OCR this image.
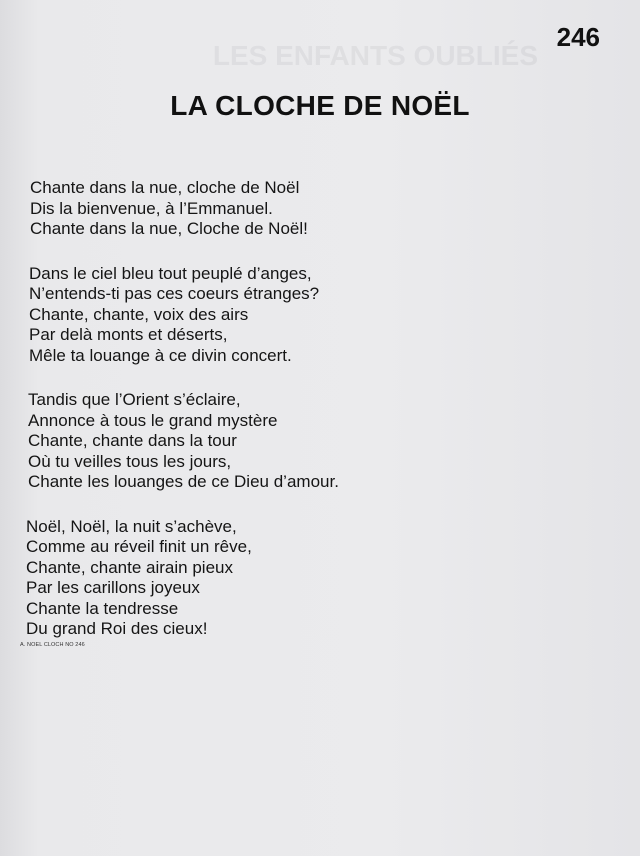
LES ENFANTS OUBLIÉS
246
LA CLOCHE DE NOËL
Chante dans la nue, cloche de Noël
Dis la bienvenue, à l’Emmanuel.
Chante dans la nue, Cloche de Noël!
Dans le ciel bleu tout peuplé d’anges,
N’entends-ti pas ces coeurs étranges?
Chante, chante, voix des airs
Par delà monts et déserts,
Mêle ta louange à ce divin concert.
Tandis que l’Orient s’éclaire,
Annonce à tous le grand mystère
Chante, chante dans la tour
Où tu veilles tous les jours,
Chante les louanges de ce Dieu d’amour.
Noël, Noël, la nuit s’achève,
Comme au réveil finit un rêve,
Chante, chante airain pieux
Par les carillons joyeux
Chante la tendresse
Du grand Roi des cieux!
A. NOEL CLOCH NO 246
